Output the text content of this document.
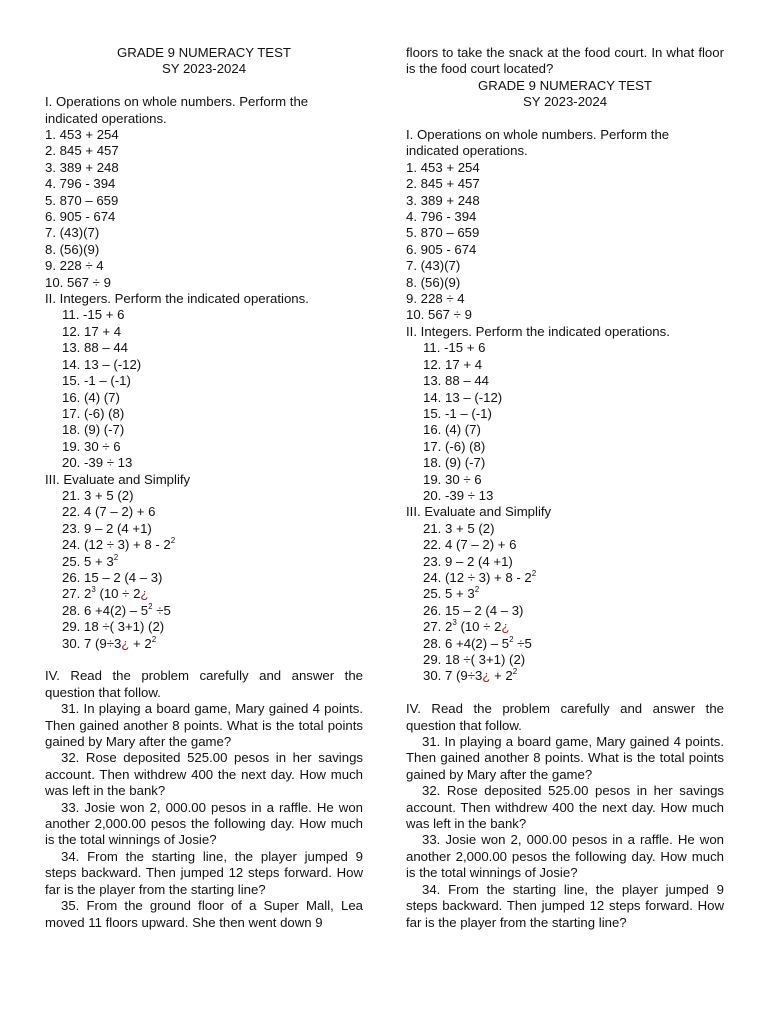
GRADE 9 NUMERACY TEST
SY 2023-2024
I. Operations on whole numbers. Perform the indicated operations.
1. 453 + 254
2. 845 + 457
3. 389 + 248
4. 796 - 394
5. 870 – 659
6. 905 - 674
7. (43)(7)
8. (56)(9)
9. 228 ÷ 4
10. 567 ÷ 9
II. Integers. Perform the indicated operations.
11. -15 + 6
12. 17 + 4
13. 88 – 44
14. 13 – (-12)
15. -1 – (-1)
16. (4) (7)
17. (-6) (8)
18. (9) (-7)
19. 30 ÷ 6
20. -39 ÷ 13
III. Evaluate and Simplify
21. 3 + 5 (2)
22. 4 (7 – 2) + 6
23. 9 – 2 (4 +1)
24. $(12 \div 3) + 8 - 2^2$
25. $5 + 3^2$
26. 15 – 2 (4 – 3)
27. $2^3$ (10 ÷ 2¿
28. $6 +4(2) - 5^2 \div 5$
29. 18 ÷( 3+1) (2)
30. 7 (9÷3¿ + $2^2$
IV. Read the problem carefully and answer the question that follow.
31. In playing a board game, Mary gained 4 points. Then gained another 8 points. What is the total points gained by Mary after the game?
32. Rose deposited 525.00 pesos in her savings account. Then withdrew 400 the next day. How much was left in the bank?
33. Josie won 2, 000.00 pesos in a raffle. He won another 2,000.00 pesos the following day. How much is the total winnings of Josie?
34. From the starting line, the player jumped 9 steps backward. Then jumped 12 steps forward. How far is the player from the starting line?
35. From the ground floor of a Super Mall, Lea moved 11 floors upward. She then went down 9
floors to take the snack at the food court. In what floor is the food court located?
GRADE 9 NUMERACY TEST
SY 2023-2024
I. Operations on whole numbers. Perform the indicated operations.
1. 453 + 254
2. 845 + 457
3. 389 + 248
4. 796 - 394
5. 870 – 659
6. 905 - 674
7. (43)(7)
8. (56)(9)
9. 228 ÷ 4
10. 567 ÷ 9
II. Integers. Perform the indicated operations.
11. -15 + 6
12. 17 + 4
13. 88 – 44
14. 13 – (-12)
15. -1 – (-1)
16. (4) (7)
17. (-6) (8)
18. (9) (-7)
19. 30 ÷ 6
20. -39 ÷ 13
III. Evaluate and Simplify
21. 3 + 5 (2)
22. 4 (7 – 2) + 6
23. 9 – 2 (4 +1)
24. $(12 \div 3) + 8 - 2^2$
25. $5 + 3^2$
26. 15 – 2 (4 – 3)
27. $2^3$ (10 ÷ 2¿
28. $6 +4(2) - 5^2 \div 5$
29. 18 ÷( 3+1) (2)
30. 7 (9÷3¿ + $2^2$
IV. Read the problem carefully and answer the question that follow.
31. In playing a board game, Mary gained 4 points. Then gained another 8 points. What is the total points gained by Mary after the game?
32. Rose deposited 525.00 pesos in her savings account. Then withdrew 400 the next day. How much was left in the bank?
33. Josie won 2, 000.00 pesos in a raffle. He won another 2,000.00 pesos the following day. How much is the total winnings of Josie?
34. From the starting line, the player jumped 9 steps backward. Then jumped 12 steps forward. How far is the player from the starting line?
